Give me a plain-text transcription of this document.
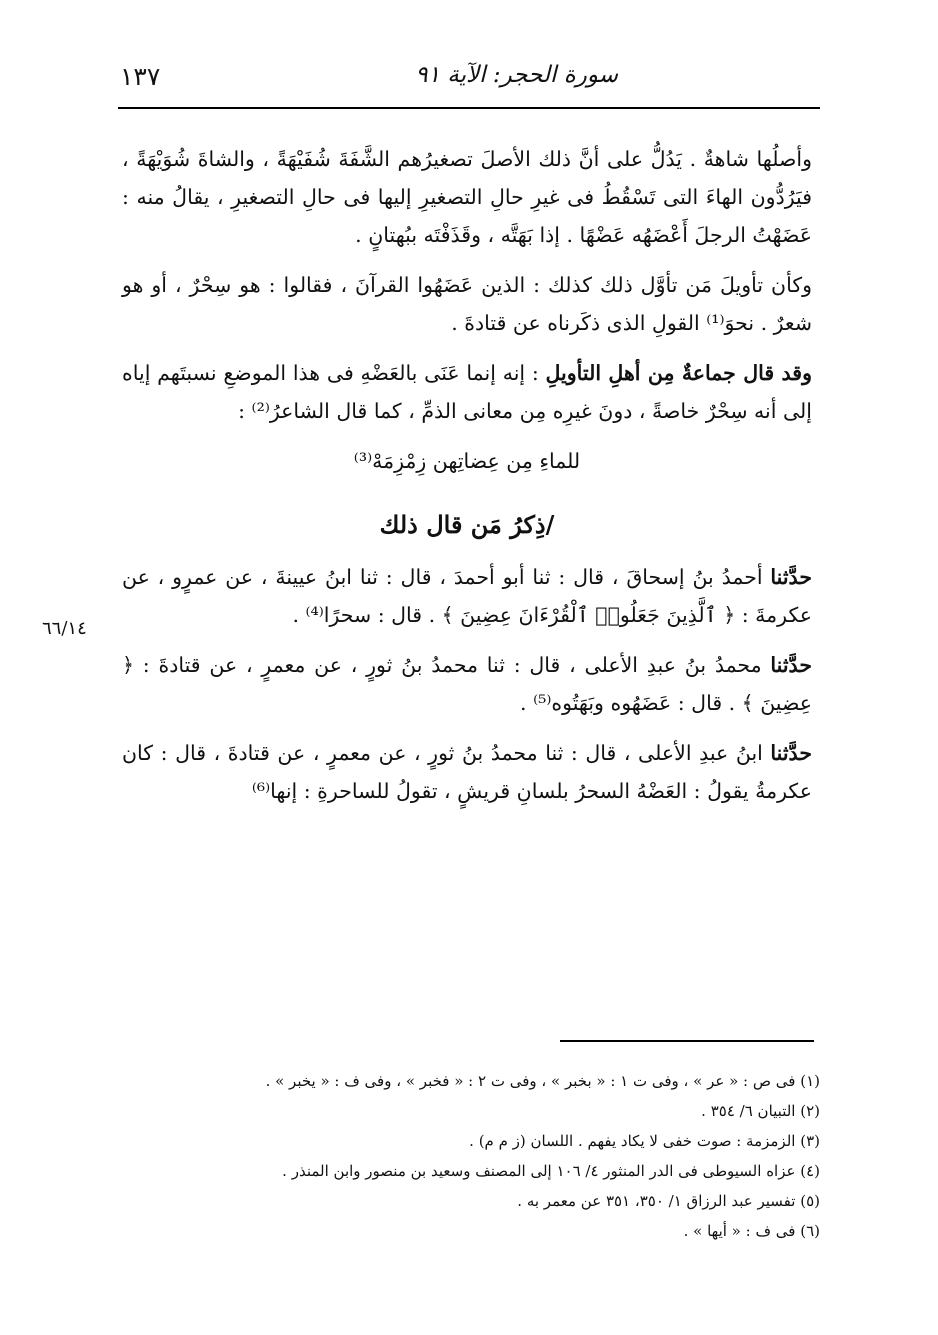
سورة الحجر: الآية ٩١
١٣٧
٦٦/١٤

وأصلُها شاهةٌ . يَدُلُّ على أنَّ ذلك الأصلَ تصغيرُهم الشَّفَةَ شُفَيْهَةً ، والشاةَ شُوَيْهَةً ، فيَرُدُّون الهاءَ التى تَسْقُطُ فى غيرِ حالِ التصغيرِ إليها فى حالِ التصغيرِ ، يقالُ منه : عَضَهْتُ الرجلَ أَعْضَهُه عَضْهًا . إذا بَهَتَّه ، وقَذَفْتَه ببُهتانٍ .

وكأن تأويلَ مَن تأوَّل ذلك كذلك : الذين عَضَهُوا القرآنَ ، فقالوا : هو سِحْرٌ ، أو هو شعرٌ . نحوَ⁽¹⁾ القولِ الذى ذكَرناه عن قتادةَ .

وقد قال جماعةٌ مِن أهلِ التأويلِ : إنه إنما عَنَى بالعَضْهِ فى هذا الموضعِ نسبتَهم إياه إلى أنه سِحْرٌ خاصةً ، دونَ غيرِه مِن معانى الذمِّ ، كما قال الشاعرُ⁽²⁾ :

للماءِ مِن عِضاتِهن زِمْزِمَهْ⁽³⁾
/ذِكرُ مَن قال ذلك

حدَّثنا أحمدُ بنُ إسحاقَ ، قال : ثنا أبو أحمدَ ، قال : ثنا ابنُ عيينةَ ، عن عمرٍو ، عن عكرمةَ : ﴿ ٱلَّذِينَ جَعَلُوا۟ ٱلْقُرْءَانَ عِضِينَ ﴾ . قال : سحرًا⁽⁴⁾ .

حدَّثنا محمدُ بنُ عبدِ الأعلى ، قال : ثنا محمدُ بنُ ثورٍ ، عن معمرٍ ، عن قتادةَ : ﴿ عِضِينَ ﴾ . قال : عَضَهُوه وبَهَتُوه⁽⁵⁾ .

حدَّثنا ابنُ عبدِ الأعلى ، قال : ثنا محمدُ بنُ ثورٍ ، عن معمرٍ ، عن قتادةَ ، قال : كان عكرمةُ يقولُ : العَضْهُ السحرُ بلسانِ قريشٍ ، تقولُ للساحرةِ : إنها⁽⁶⁾

(١) فى ص : « عر » ، وفى ت ١ : « بخبر » ، وفى ت ٢ : « فخبر » ، وفى ف : « يخبر » .

(٢) التبيان ٦/ ٣٥٤ .

(٣) الزمزمة : صوت خفى لا يكاد يفهم . اللسان (ز م م) .

(٤) عزاه السيوطى فى الدر المنثور ٤/ ١٠٦ إلى المصنف وسعيد بن منصور وابن المنذر .

(٥) تفسير عبد الرزاق ١/ ٣٥٠، ٣٥١ عن معمر به .

(٦) فى ف : « أيها » .
